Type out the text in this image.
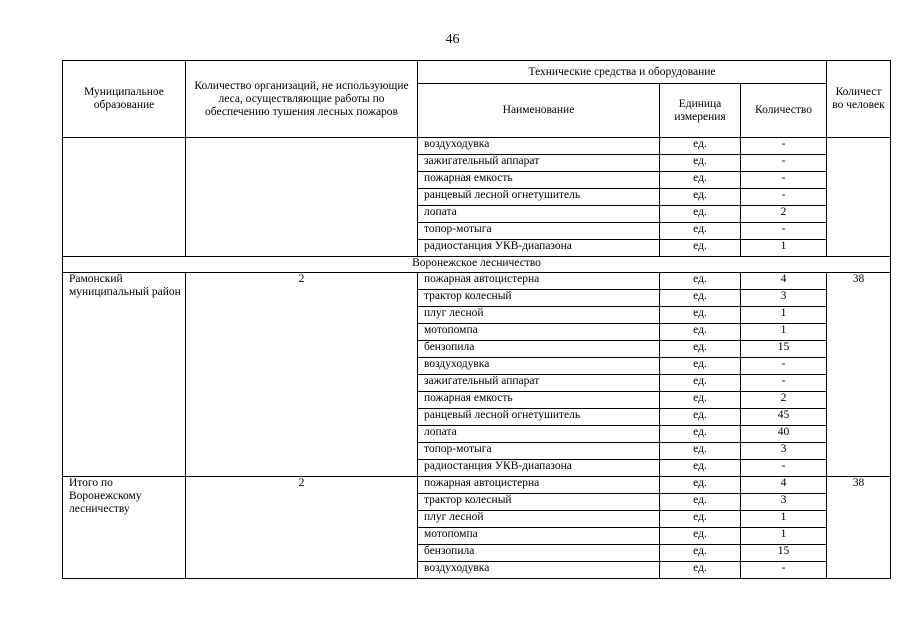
46
Муниципальное образование	Количество организаций, не использующие леса, осуществляющие работы по обеспечению тушения лесных пожаров	Технические средства и оборудование			Количест во человек
		Наименование	Единица измерения	Количество	
		воздуходувка	ед.	-	
		зажигательный аппарат	ед.	-	
		пожарная емкость	ед.	-	
		ранцевый лесной огнетушитель	ед.	-	
		лопата	ед.	2	
		топор-мотыга	ед.	-	
		радиостанция УКВ-диапазона	ед.	1	
Воронежское лесничество					
Рамонский муниципальный район	2	пожарная автоцистерна	ед.	4	38
		трактор колесный	ед.	3	
		плуг лесной	ед.	1	
		мотопомпа	ед.	1	
		бензопила	ед.	15	
		воздуходувка	ед.	-	
		зажигательный аппарат	ед.	-	
		пожарная емкость	ед.	2	
		ранцевый лесной огнетушитель	ед.	45	
		лопата	ед.	40	
		топор-мотыга	ед.	3	
		радиостанция УКВ-диапазона	ед.	-	
Итого по Воронежскому лесничеству	2	пожарная автоцистерна	ед.	4	38
		трактор колесный	ед.	3	
		плуг лесной	ед.	1	
		мотопомпа	ед.	1	
		бензопила	ед.	15	
		воздуходувка	ед.	-	
